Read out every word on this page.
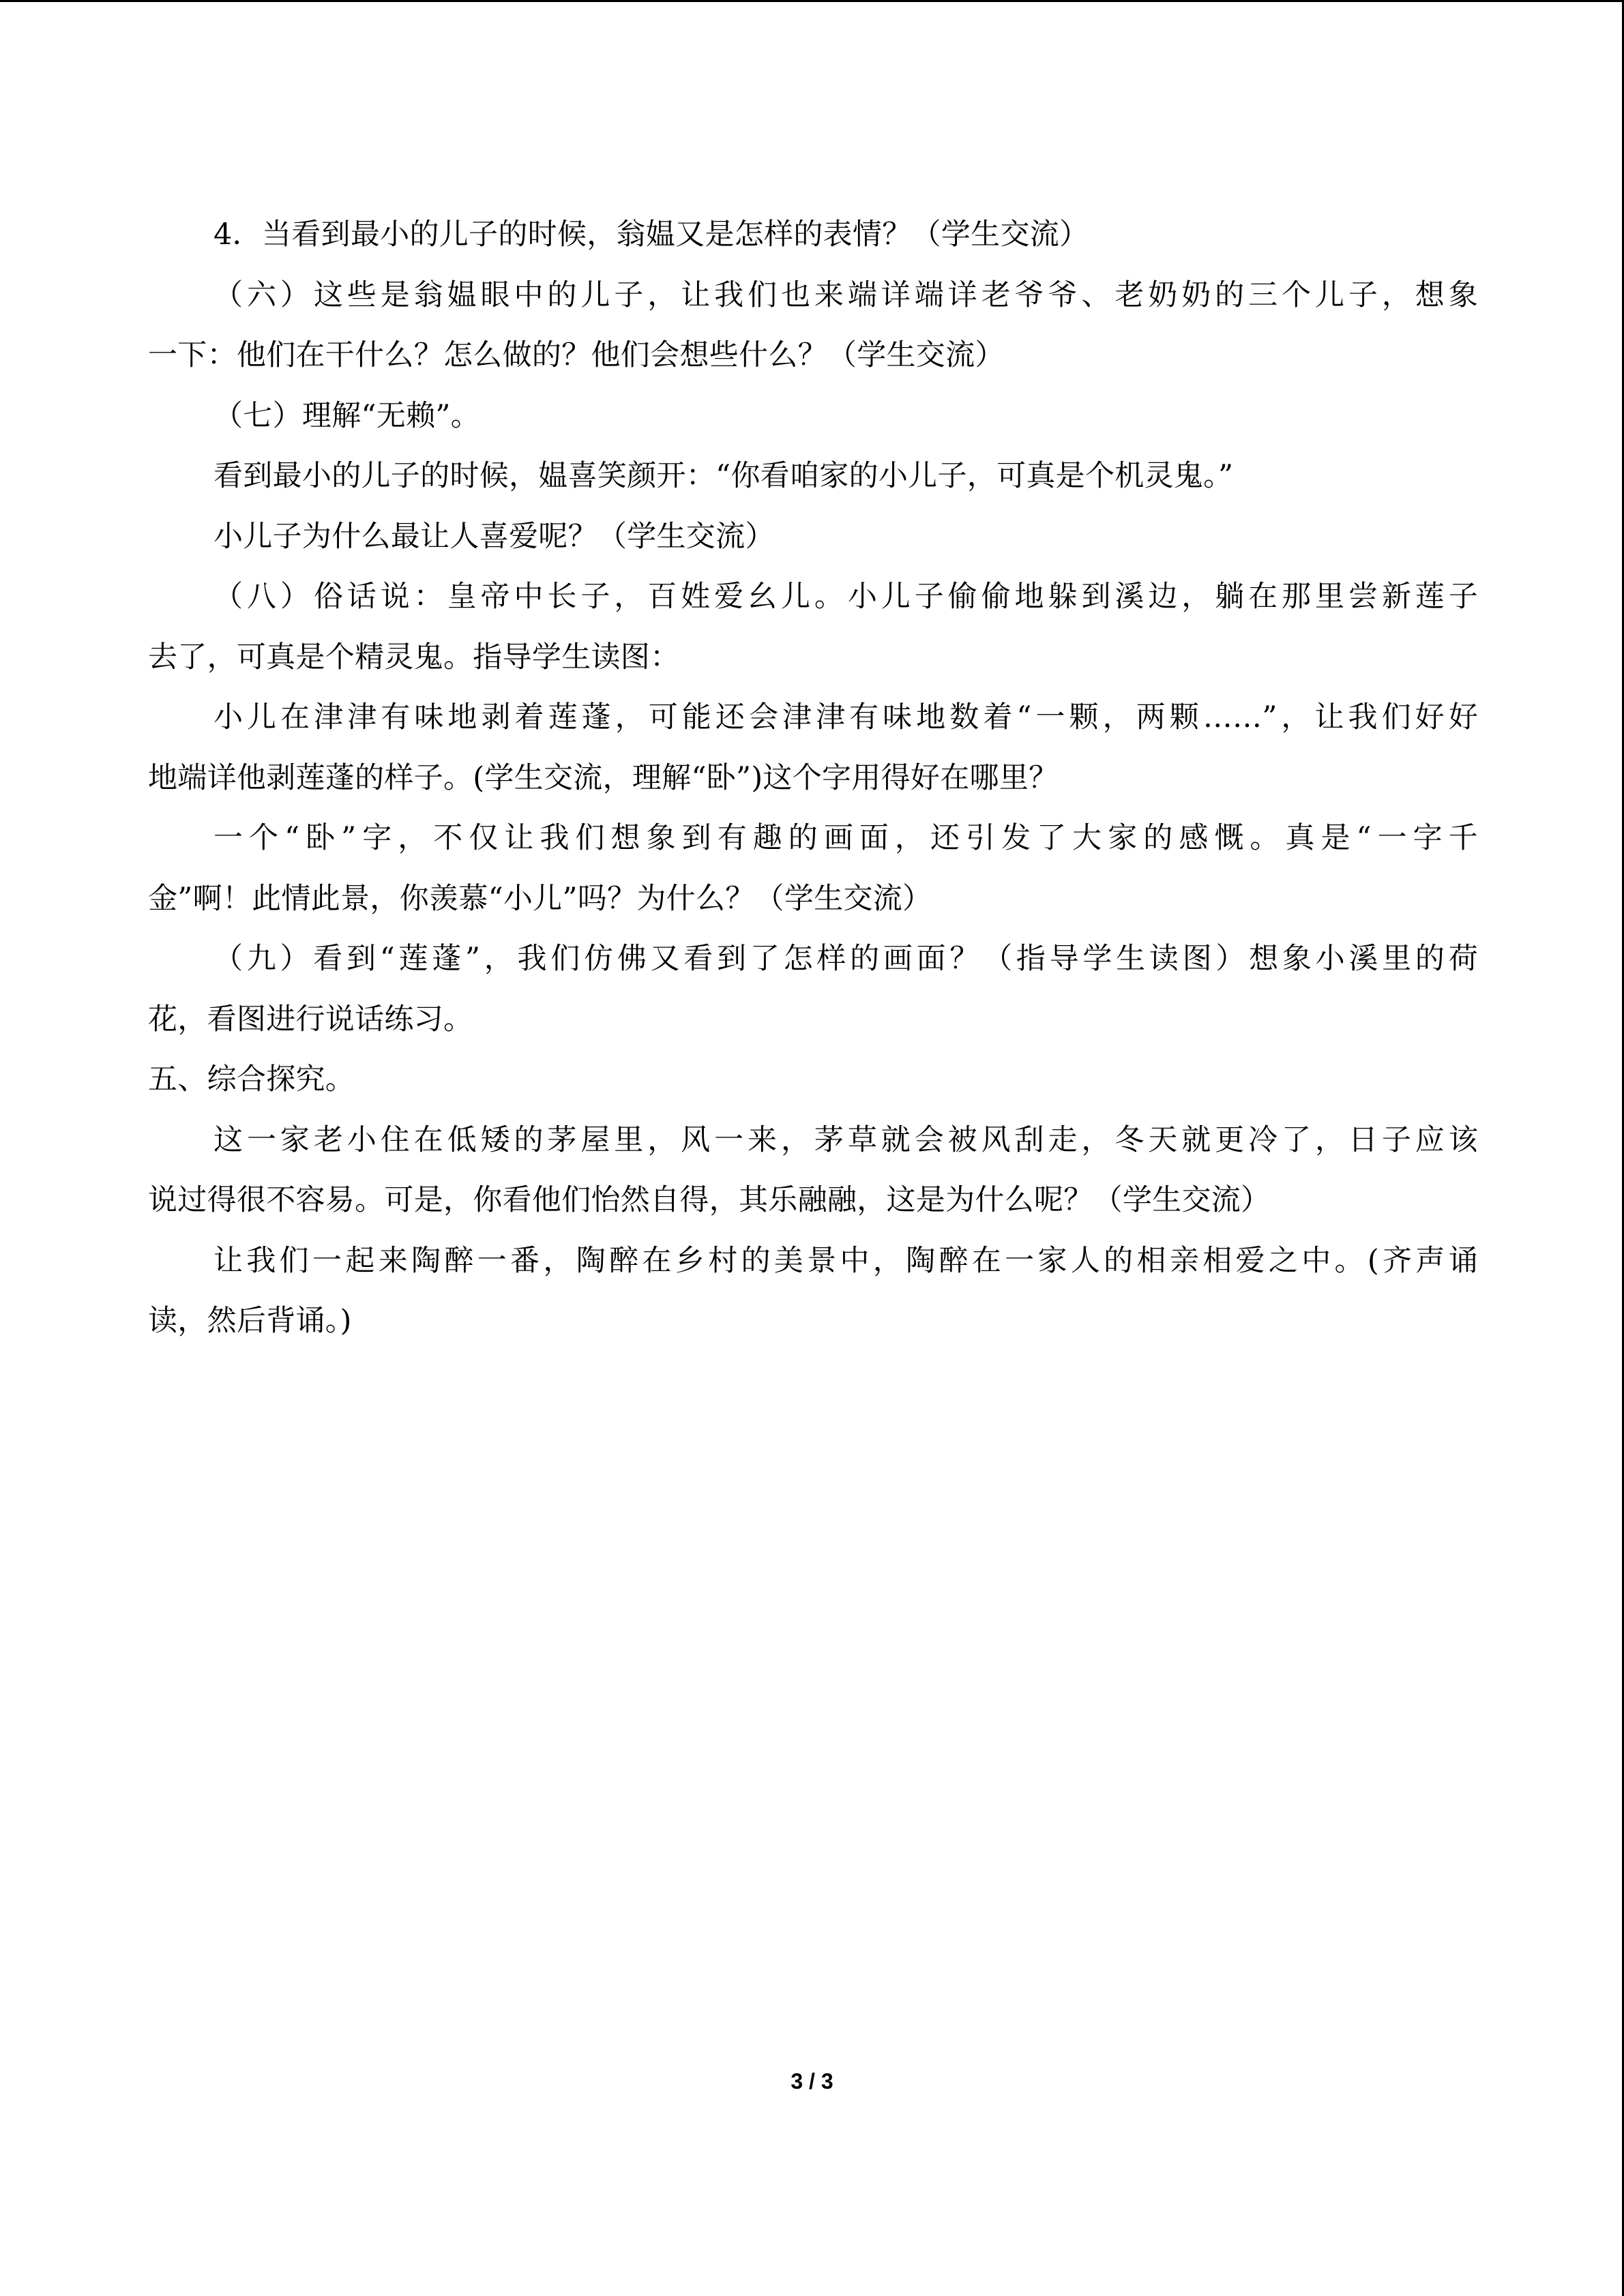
4．当看到最小的儿子的时候，翁媪又是怎样的表情？（学生交流）

（六）这些是翁媪眼中的儿子，让我们也来端详端详老爷爷、老奶奶的三个儿子，想象

一下：他们在干什么？怎么做的？他们会想些什么？（学生交流）

（七）理解“无赖”。

看到最小的儿子的时候，媪喜笑颜开：“你看咱家的小儿子，可真是个机灵鬼。”

小儿子为什么最让人喜爱呢？（学生交流）

（八）俗话说：皇帝中长子，百姓爱幺儿。小儿子偷偷地躲到溪边，躺在那里尝新莲子

去了，可真是个精灵鬼。指导学生读图：

小儿在津津有味地剥着莲蓬，可能还会津津有味地数着“一颗，两颗……”，让我们好好

地端详他剥莲蓬的样子。(学生交流，理解“卧”)这个字用得好在哪里？

一个“卧”字，不仅让我们想象到有趣的画面，还引发了大家的感慨。真是“一字千

金”啊！此情此景，你羡慕“小儿”吗？为什么？（学生交流）

（九）看到“莲蓬”，我们仿佛又看到了怎样的画面？（指导学生读图）想象小溪里的荷

花，看图进行说话练习。

五、综合探究。

这一家老小住在低矮的茅屋里，风一来，茅草就会被风刮走，冬天就更冷了，日子应该

说过得很不容易。可是，你看他们怡然自得，其乐融融，这是为什么呢？（学生交流）

让我们一起来陶醉一番，陶醉在乡村的美景中，陶醉在一家人的相亲相爱之中。(齐声诵

读，然后背诵。)

3 / 3
